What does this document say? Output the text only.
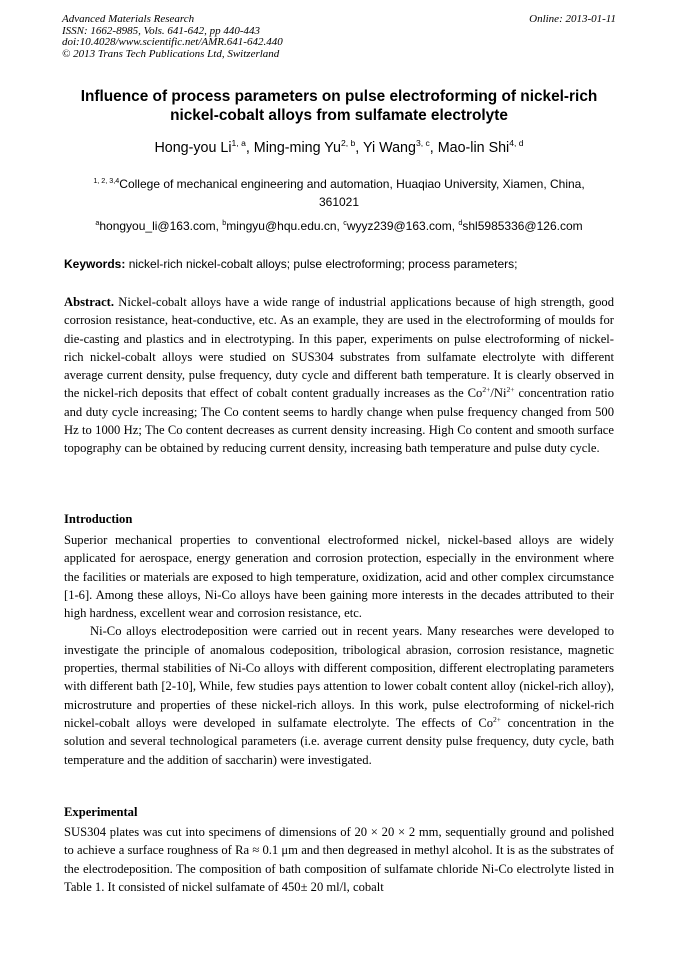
Advanced Materials Research
ISSN: 1662-8985, Vols. 641-642, pp 440-443
doi:10.4028/www.scientific.net/AMR.641-642.440
© 2013 Trans Tech Publications Ltd, Switzerland
Online: 2013-01-11
Influence of process parameters on pulse electroforming of nickel-rich
nickel-cobalt alloys from sulfamate electrolyte
Hong-you Li$^{1, a}$, Ming-ming Yu$^{2, b}$, Yi Wang$^{3, c}$, Mao-lin Shi$^{4, d}$
$^{1, 2, 3,4}$College of mechanical engineering and automation, Huaqiao University, Xiamen, China,
361021
$^a$hongyou_li@163.com, $^b$mingyu@hqu.edu.cn, $^c$wyyz239@163.com, $^d$shl5985336@126.com
Keywords: nickel-rich nickel-cobalt alloys; pulse electroforming; process parameters;

Abstract. Nickel-cobalt alloys have a wide range of industrial applications because of high strength, good corrosion resistance, heat-conductive, etc. As an example, they are used in the electroforming of moulds for die-casting and plastics and in electrotyping. In this paper, experiments on pulse electroforming of nickel-rich nickel-cobalt alloys were studied on SUS304 substrates from sulfamate electrolyte with different average current density, pulse frequency, duty cycle and different bath temperature. It is clearly observed in the nickel-rich deposits that effect of cobalt content gradually increases as the $Co^{2+}/Ni^{2+}$ concentration ratio and duty cycle increasing; The Co content seems to hardly change when pulse frequency changed from 500 Hz to 1000 Hz; The Co content decreases as current density increasing. High Co content and smooth surface topography can be obtained by reducing current density, increasing bath temperature and pulse duty cycle.

Introduction

Superior mechanical properties to conventional electroformed nickel, nickel-based alloys are widely applicated for aerospace, energy generation and corrosion protection, especially in the environment where the facilities or materials are exposed to high temperature, oxidization, acid and other complex circumstance [1-6]. Among these alloys, Ni-Co alloys have been gaining more interests in the decades attributed to their high hardness, excellent wear and corrosion resistance, etc.

Ni-Co alloys electrodeposition were carried out in recent years. Many researches were developed to investigate the principle of anomalous codeposition, tribological abrasion, corrosion resistance, magnetic properties, thermal stabilities of Ni-Co alloys with different composition, different electroplating parameters with different bath [2-10], While, few studies pays attention to lower cobalt content alloy (nickel-rich alloy), microstruture and properties of these nickel-rich alloys. In this work, pulse electroforming of nickel-rich nickel-cobalt alloys were developed in sulfamate electrolyte. The effects of $Co^{2+}$ concentration in the solution and several technological parameters (i.e. average current density pulse frequency, duty cycle, bath temperature and the addition of saccharin) were investigated.

Experimental

SUS304 plates was cut into specimens of dimensions of 20 × 20 × 2 mm, sequentially ground and polished to achieve a surface roughness of Ra ≈ 0.1 μm and then degreased in methyl alcohol. It is as the substrates of the electrodeposition. The composition of bath composition of sulfamate chloride Ni-Co electrolyte listed in Table 1. It consisted of nickel sulfamate of 450± 20 ml/l, cobalt
